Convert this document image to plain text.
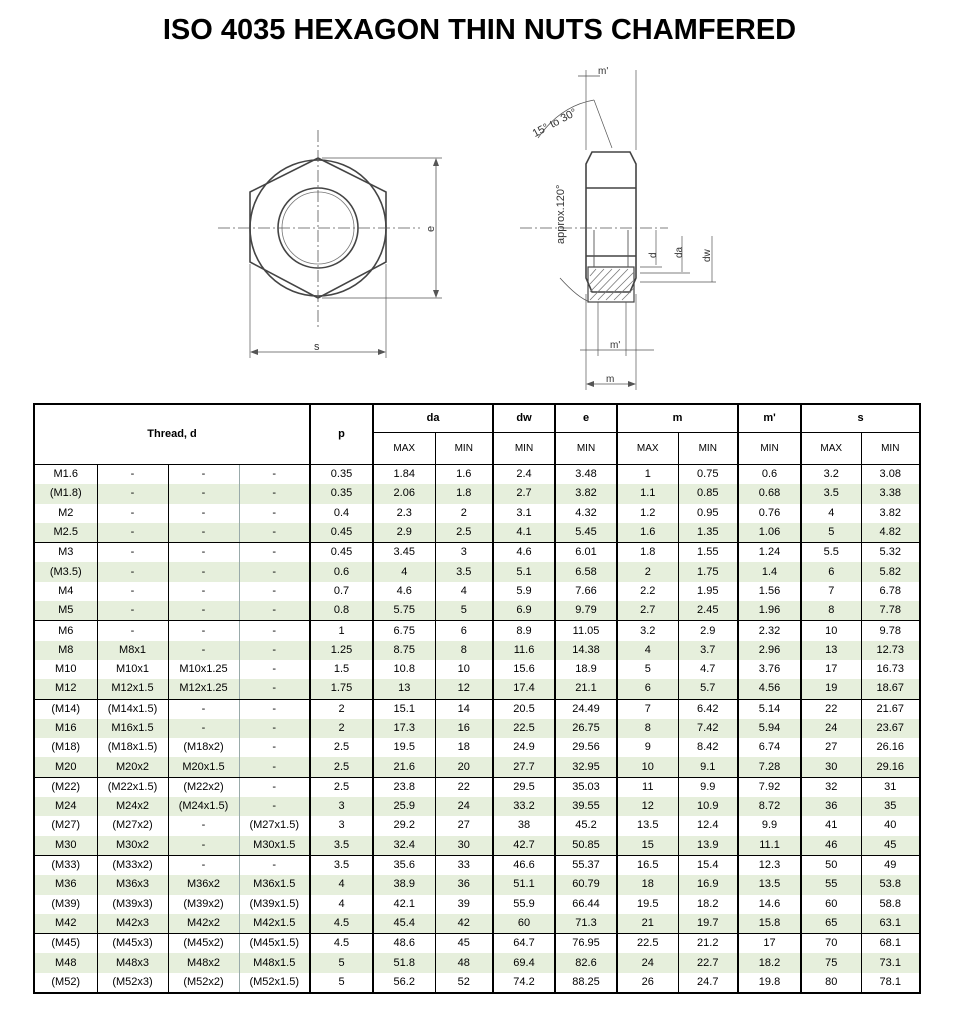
ISO 4035 HEXAGON THIN NUTS CHAMFERED
e
s
m'
15° to 30°
approx.120°
d da dw
m'
m
Thread, d				p	da		dw	e	m		m'	s	
					MAX	MIN	MIN	MIN	MAX	MIN	MIN	MAX	MIN
M1.6	-	-	-	0.35	1.84	1.6	2.4	3.48	1	0.75	0.6	3.2	3.08
(M1.8)	-	-	-	0.35	2.06	1.8	2.7	3.82	1.1	0.85	0.68	3.5	3.38
M2	-	-	-	0.4	2.3	2	3.1	4.32	1.2	0.95	0.76	4	3.82
M2.5	-	-	-	0.45	2.9	2.5	4.1	5.45	1.6	1.35	1.06	5	4.82
M3	-	-	-	0.45	3.45	3	4.6	6.01	1.8	1.55	1.24	5.5	5.32
(M3.5)	-	-	-	0.6	4	3.5	5.1	6.58	2	1.75	1.4	6	5.82
M4	-	-	-	0.7	4.6	4	5.9	7.66	2.2	1.95	1.56	7	6.78
M5	-	-	-	0.8	5.75	5	6.9	9.79	2.7	2.45	1.96	8	7.78
M6	-	-	-	1	6.75	6	8.9	11.05	3.2	2.9	2.32	10	9.78
M8	M8x1	-	-	1.25	8.75	8	11.6	14.38	4	3.7	2.96	13	12.73
M10	M10x1	M10x1.25	-	1.5	10.8	10	15.6	18.9	5	4.7	3.76	17	16.73
M12	M12x1.5	M12x1.25	-	1.75	13	12	17.4	21.1	6	5.7	4.56	19	18.67
(M14)	(M14x1.5)	-	-	2	15.1	14	20.5	24.49	7	6.42	5.14	22	21.67
M16	M16x1.5	-	-	2	17.3	16	22.5	26.75	8	7.42	5.94	24	23.67
(M18)	(M18x1.5)	(M18x2)	-	2.5	19.5	18	24.9	29.56	9	8.42	6.74	27	26.16
M20	M20x2	M20x1.5	-	2.5	21.6	20	27.7	32.95	10	9.1	7.28	30	29.16
(M22)	(M22x1.5)	(M22x2)	-	2.5	23.8	22	29.5	35.03	11	9.9	7.92	32	31
M24	M24x2	(M24x1.5)	-	3	25.9	24	33.2	39.55	12	10.9	8.72	36	35
(M27)	(M27x2)	-	(M27x1.5)	3	29.2	27	38	45.2	13.5	12.4	9.9	41	40
M30	M30x2	-	M30x1.5	3.5	32.4	30	42.7	50.85	15	13.9	11.1	46	45
(M33)	(M33x2)	-	-	3.5	35.6	33	46.6	55.37	16.5	15.4	12.3	50	49
M36	M36x3	M36x2	M36x1.5	4	38.9	36	51.1	60.79	18	16.9	13.5	55	53.8
(M39)	(M39x3)	(M39x2)	(M39x1.5)	4	42.1	39	55.9	66.44	19.5	18.2	14.6	60	58.8
M42	M42x3	M42x2	M42x1.5	4.5	45.4	42	60	71.3	21	19.7	15.8	65	63.1
(M45)	(M45x3)	(M45x2)	(M45x1.5)	4.5	48.6	45	64.7	76.95	22.5	21.2	17	70	68.1
M48	M48x3	M48x2	M48x1.5	5	51.8	48	69.4	82.6	24	22.7	18.2	75	73.1
(M52)	(M52x3)	(M52x2)	(M52x1.5)	5	56.2	52	74.2	88.25	26	24.7	19.8	80	78.1
